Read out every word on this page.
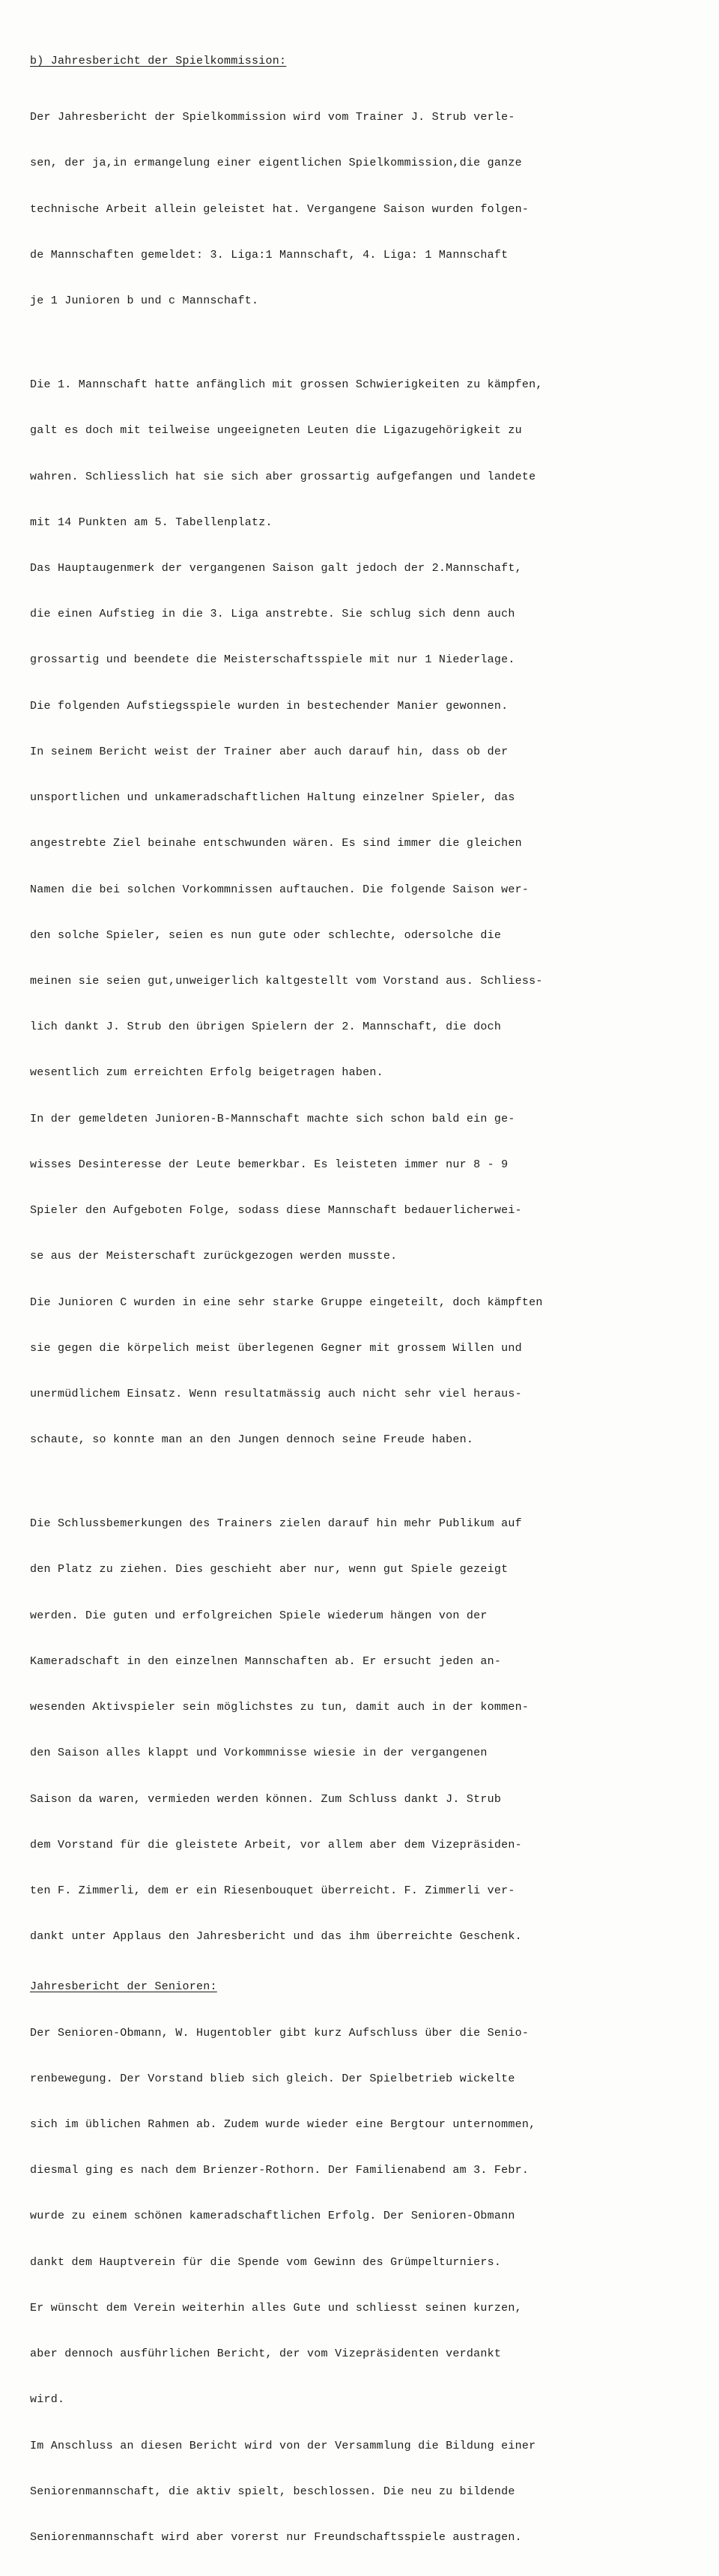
b) Jahresbericht der Spielkommission:

Der Jahresbericht der Spielkommission wird vom Trainer J. Strub verle-

sen, der ja,in ermangelung einer eigentlichen Spielkommission,die ganze

technische Arbeit allein geleistet hat. Vergangene Saison wurden folgen-

de Mannschaften gemeldet: 3. Liga:1 Mannschaft, 4. Liga: 1 Mannschaft

je 1 Junioren b und c Mannschaft.

Die 1. Mannschaft hatte anfänglich mit grossen Schwierigkeiten zu kämpfen,

galt es doch mit teilweise ungeeigneten Leuten die Ligazugehörigkeit zu

wahren. Schliesslich hat sie sich aber grossartig aufgefangen und landete

mit 14 Punkten am 5. Tabellenplatz.

Das Hauptaugenmerk der vergangenen Saison galt jedoch der 2.Mannschaft,

die einen Aufstieg in die 3. Liga anstrebte. Sie schlug sich denn auch

grossartig und beendete die Meisterschaftsspiele mit nur 1 Niederlage.

Die folgenden Aufstiegsspiele wurden in bestechender Manier gewonnen.

In seinem Bericht weist der Trainer aber auch darauf hin, dass ob der

unsportlichen und unkameradschaftlichen Haltung einzelner Spieler, das

angestrebte Ziel beinahe entschwunden wären. Es sind immer die gleichen

Namen die bei solchen Vorkommnissen auftauchen. Die folgende Saison wer-

den solche Spieler, seien es nun gute oder schlechte, odersolche die

meinen sie seien gut,unweigerlich kaltgestellt vom Vorstand aus. Schliess-

lich dankt J. Strub den übrigen Spielern der 2. Mannschaft, die doch

wesentlich zum erreichten Erfolg beigetragen haben.

In der gemeldeten Junioren-B-Mannschaft machte sich schon bald ein ge-

wisses Desinteresse der Leute bemerkbar. Es leisteten immer nur 8 - 9

Spieler den Aufgeboten Folge, sodass diese Mannschaft bedauerlicherwei-

se aus der Meisterschaft zurückgezogen werden musste.

Die Junioren C wurden in eine sehr starke Gruppe eingeteilt, doch kämpften

sie gegen die körpelich meist überlegenen Gegner mit grossem Willen und

unermüdlichem Einsatz. Wenn resultatmässig auch nicht sehr viel heraus-

schaute, so konnte man an den Jungen dennoch seine Freude haben.

Die Schlussbemerkungen des Trainers zielen darauf hin mehr Publikum auf

den Platz zu ziehen. Dies geschieht aber nur, wenn gut Spiele gezeigt

werden. Die guten und erfolgreichen Spiele wiederum hängen von der

Kameradschaft in den einzelnen Mannschaften ab. Er ersucht jeden an-

wesenden Aktivspieler sein möglichstes zu tun, damit auch in der kommen-

den Saison alles klappt und Vorkommnisse wiesie in der vergangenen

Saison da waren, vermieden werden können. Zum Schluss dankt J. Strub

dem Vorstand für die gleistete Arbeit, vor allem aber dem Vizepräsiden-

ten F. Zimmerli, dem er ein Riesenbouquet überreicht. F. Zimmerli ver-

dankt unter Applaus den Jahresbericht und das ihm überreichte Geschenk.

Jahresbericht der Senioren:

Der Senioren-Obmann, W. Hugentobler gibt kurz Aufschluss über die Senio-

renbewegung. Der Vorstand blieb sich gleich. Der Spielbetrieb wickelte

sich im üblichen Rahmen ab. Zudem wurde wieder eine Bergtour unternommen,

diesmal ging es nach dem Brienzer-Rothorn. Der Familienabend am 3. Febr.

wurde zu einem schönen kameradschaftlichen Erfolg. Der Senioren-Obmann

dankt dem Hauptverein für die Spende vom Gewinn des Grümpelturniers.

Er wünscht dem Verein weiterhin alles Gute und schliesst seinen kurzen,

aber dennoch ausführlichen Bericht, der vom Vizepräsidenten verdankt

wird.

Im Anschluss an diesen Bericht wird von der Versammlung die Bildung einer

Seniorenmannschaft, die aktiv spielt, beschlossen. Die neu zu bildende

Seniorenmannschaft wird aber vorerst nur Freundschaftsspiele austragen.
